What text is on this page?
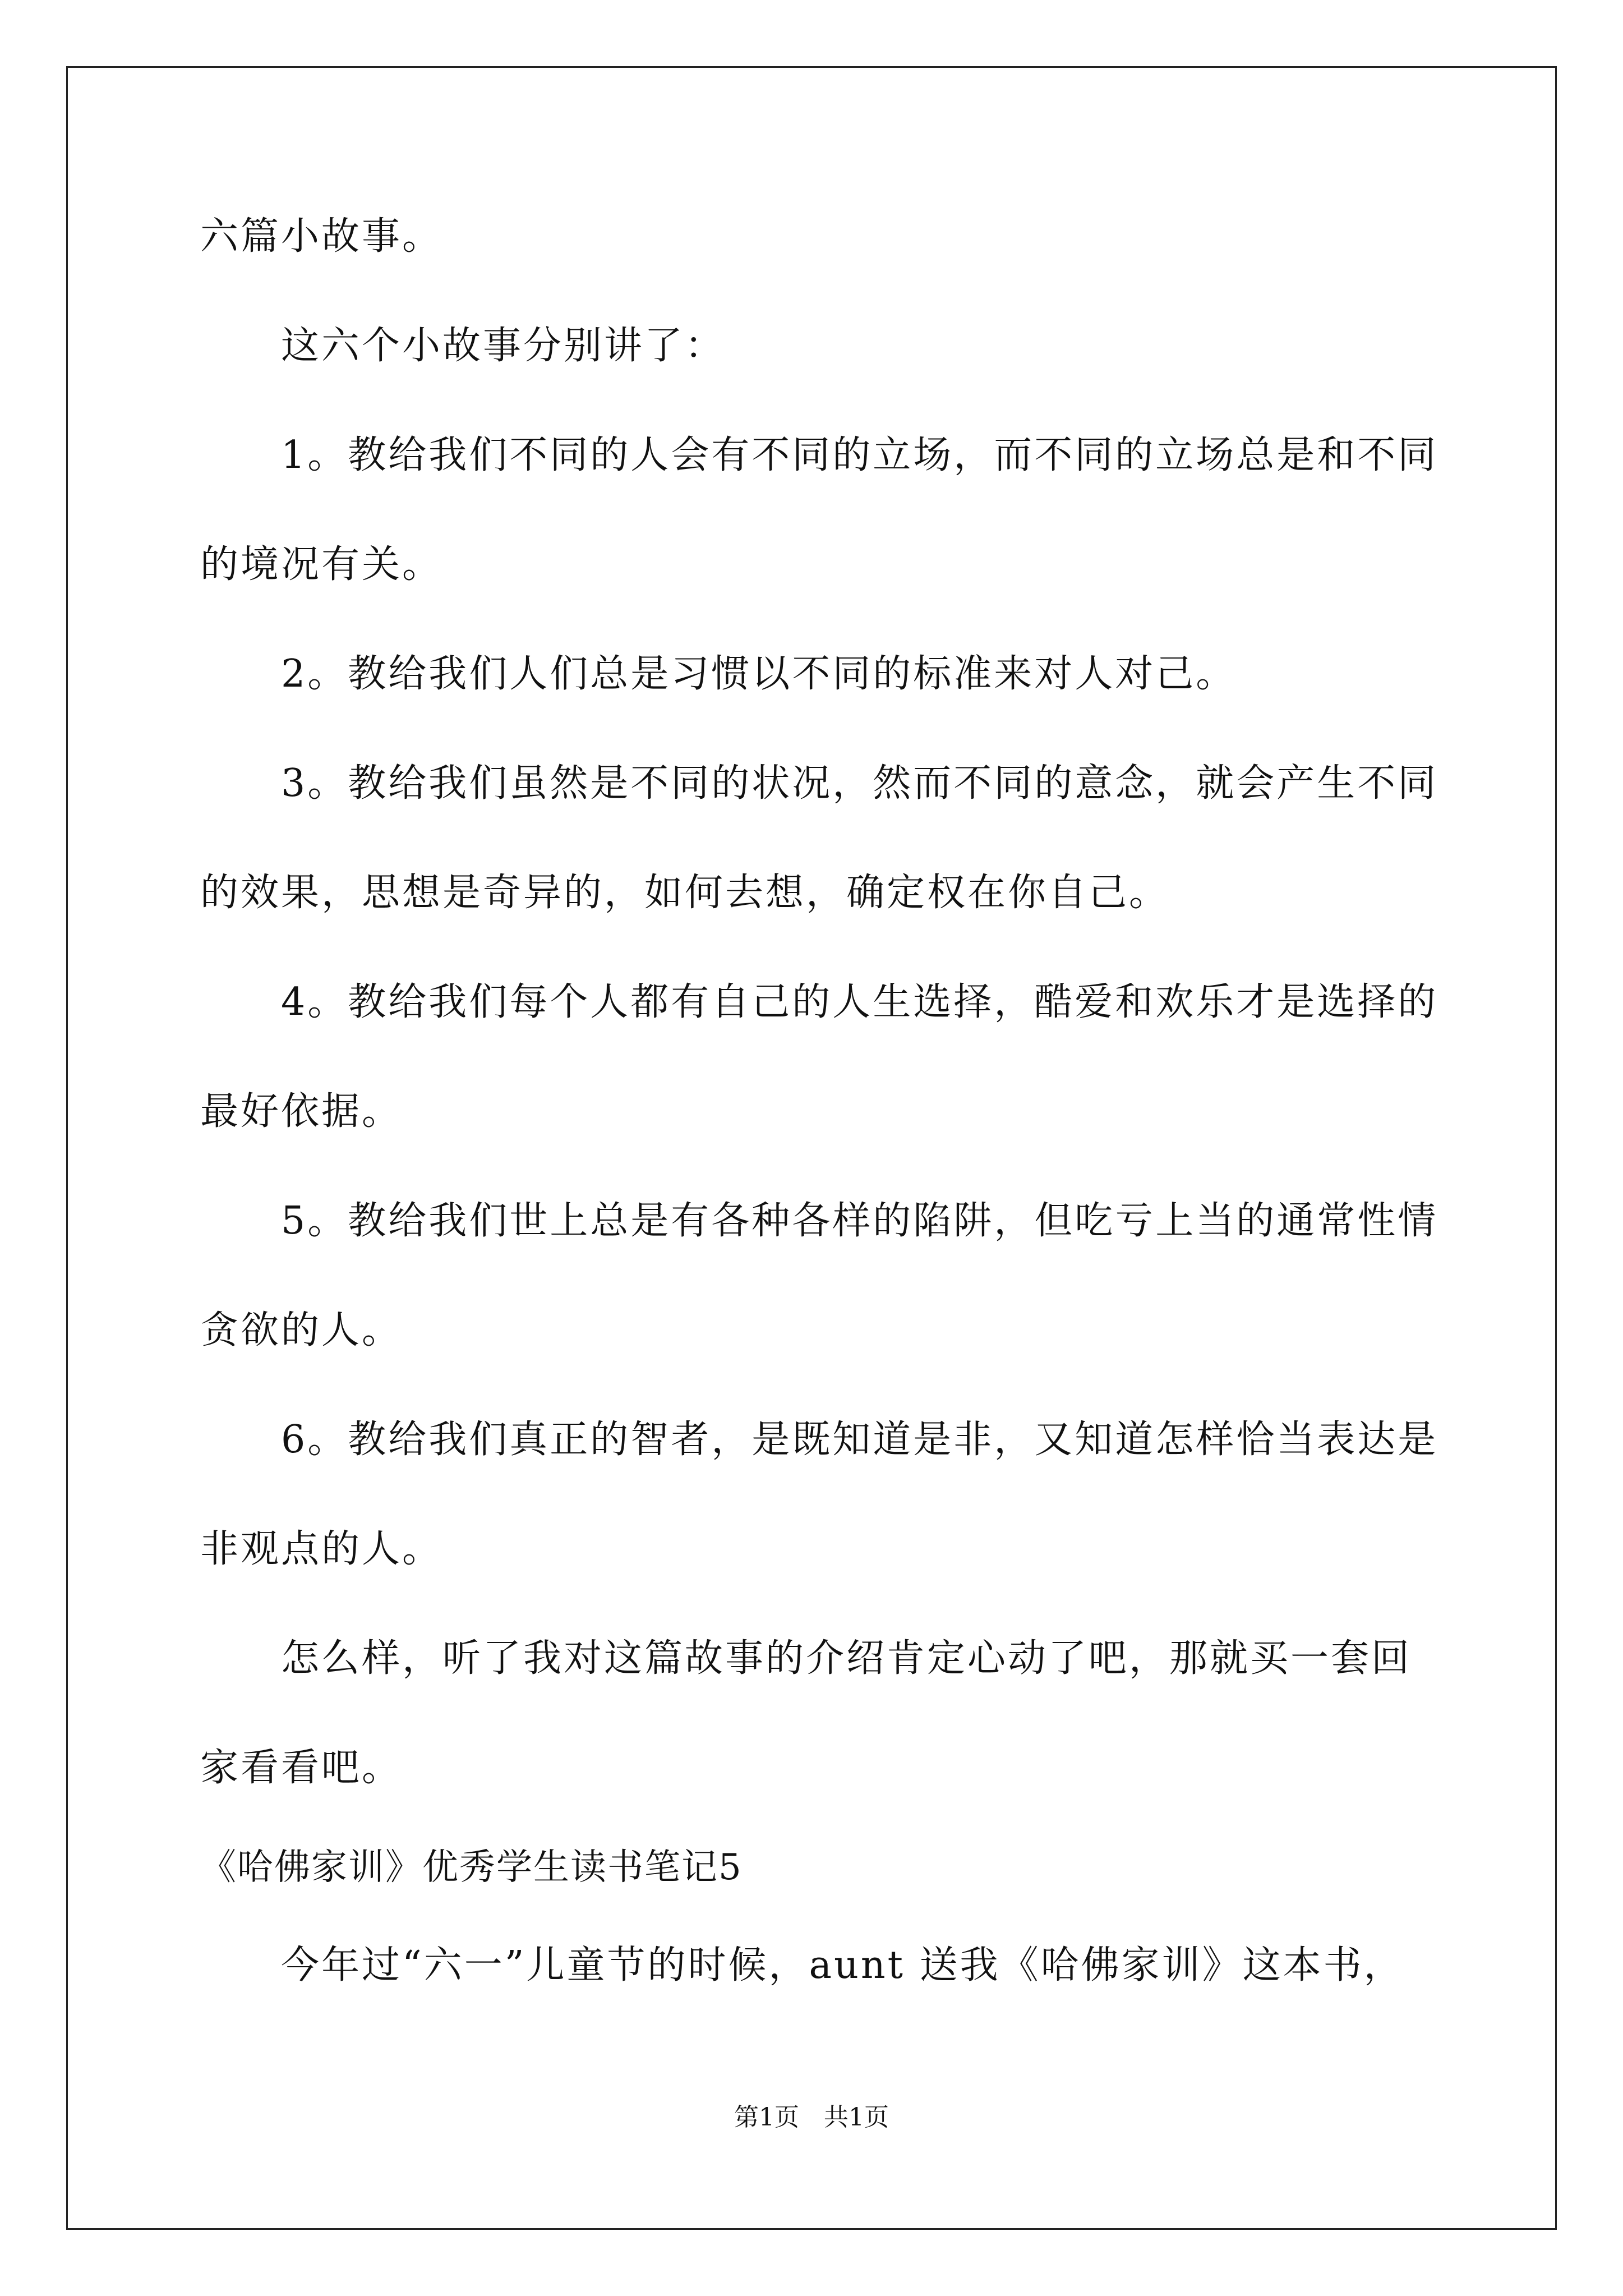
六篇小故事。
　　这六个小故事分别讲了：
　　1。教给我们不同的人会有不同的立场，而不同的立场总是和不同
的境况有关。
　　2。教给我们人们总是习惯以不同的标准来对人对己。
　　3。教给我们虽然是不同的状况，然而不同的意念，就会产生不同
的效果，思想是奇异的，如何去想，确定权在你自己。
　　4。教给我们每个人都有自己的人生选择，酷爱和欢乐才是选择的
最好依据。
　　5。教给我们世上总是有各种各样的陷阱，但吃亏上当的通常性情
贪欲的人。
　　6。教给我们真正的智者，是既知道是非，又知道怎样恰当表达是
非观点的人。
　　怎么样，听了我对这篇故事的介绍肯定心动了吧，那就买一套回
家看看吧。
《哈佛家训》优秀学生读书笔记5
　　今年过“六一”儿童节的时候，aunt 送我《哈佛家训》这本书，
第1页　共1页
